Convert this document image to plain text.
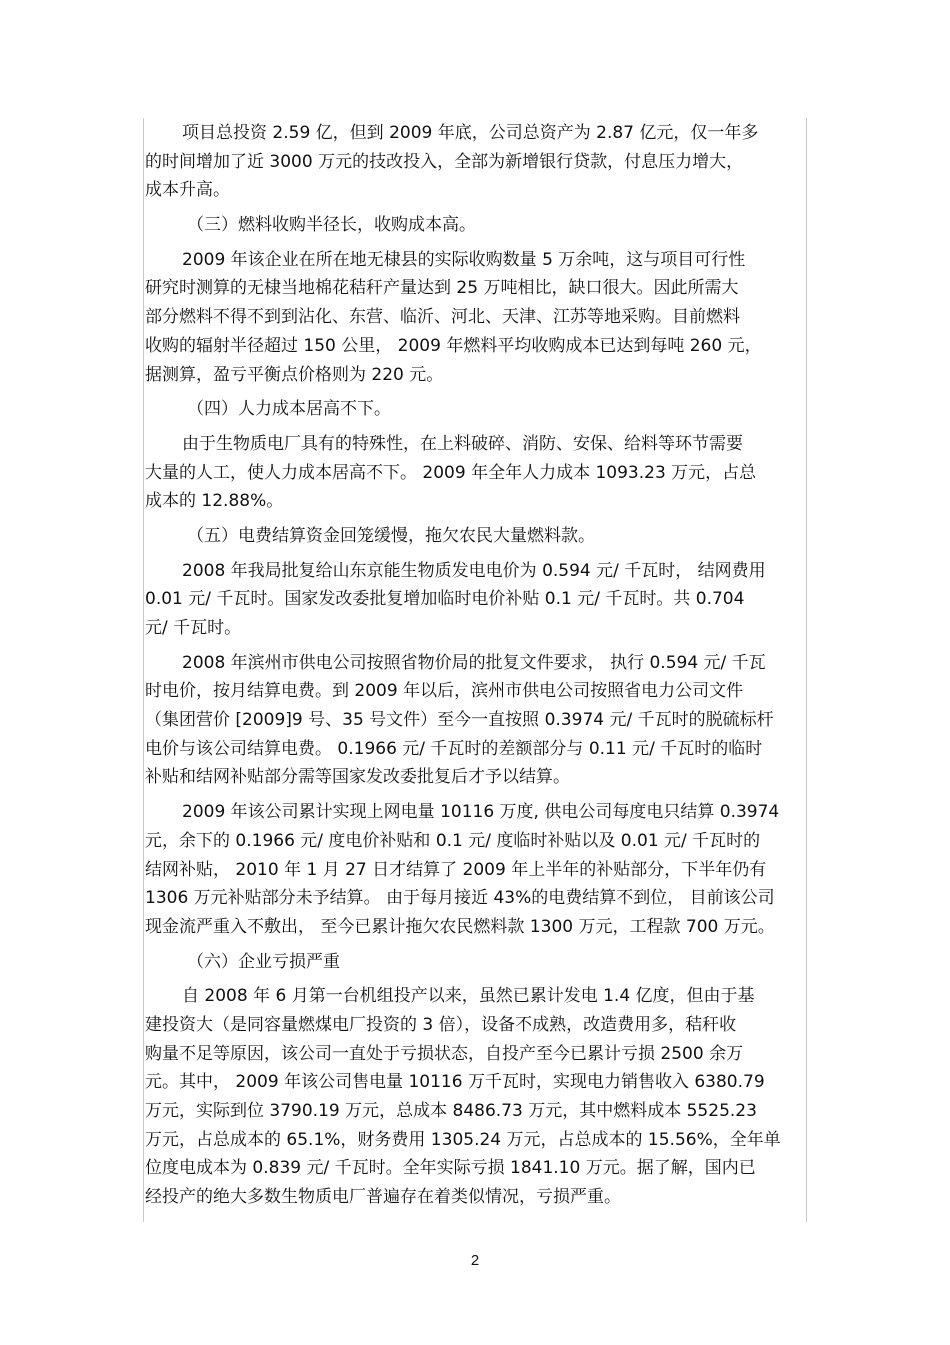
项目总投资 2.59 亿，但到 2009 年底，公司总资产为 2.87 亿元，仅一年多
的时间增加了近 3000 万元的技改投入，全部为新增银行贷款，付息压力增大，
成本升高。
（三）燃料收购半径长，收购成本高。
2009 年该企业在所在地无棣县的实际收购数量 5 万余吨，这与项目可行性
研究时测算的无棣当地棉花秸秆产量达到 25 万吨相比，缺口很大。因此所需大
部分燃料不得不到到沾化、东营、临沂、河北、天津、江苏等地采购。目前燃料
收购的辐射半径超过 150 公里， 2009 年燃料平均收购成本已达到每吨 260 元，
据测算，盈亏平衡点价格则为 220 元。
（四）人力成本居高不下。
由于生物质电厂具有的特殊性，在上料破碎、消防、安保、给料等环节需要
大量的人工，使人力成本居高不下。 2009 年全年人力成本 1093.23 万元，占总
成本的 12.88%。
（五）电费结算资金回笼缓慢，拖欠农民大量燃料款。
2008 年我局批复给山东京能生物质发电电价为 0.594 元/ 千瓦时， 结网费用
0.01 元/ 千瓦时。国家发改委批复增加临时电价补贴 0.1 元/ 千瓦时。共 0.704
元/ 千瓦时。
2008 年滨州市供电公司按照省物价局的批复文件要求， 执行 0.594 元/ 千瓦
时电价，按月结算电费。到 2009 年以后，滨州市供电公司按照省电力公司文件
（集团营价 [2009]9 号、35 号文件）至今一直按照 0.3974 元/ 千瓦时的脱硫标杆
电价与该公司结算电费。 0.1966 元/ 千瓦时的差额部分与 0.11 元/ 千瓦时的临时
补贴和结网补贴部分需等国家发改委批复后才予以结算。
2009 年该公司累计实现上网电量 10116 万度, 供电公司每度电只结算 0.3974
元，余下的 0.1966 元/ 度电价补贴和 0.1 元/ 度临时补贴以及 0.01 元/ 千瓦时的
结网补贴， 2010 年 1 月 27 日才结算了 2009 年上半年的补贴部分，下半年仍有
1306 万元补贴部分未予结算。 由于每月接近 43%的电费结算不到位， 目前该公司
现金流严重入不敷出， 至今已累计拖欠农民燃料款 1300 万元，工程款 700 万元。
（六）企业亏损严重
自 2008 年 6 月第一台机组投产以来，虽然已累计发电 1.4 亿度，但由于基
建投资大（是同容量燃煤电厂投资的 3 倍），设备不成熟，改造费用多，秸秆收
购量不足等原因，该公司一直处于亏损状态，自投产至今已累计亏损 2500 余万
元。其中， 2009 年该公司售电量 10116 万千瓦时，实现电力销售收入 6380.79
万元，实际到位 3790.19 万元，总成本 8486.73 万元，其中燃料成本 5525.23
万元，占总成本的 65.1%，财务费用 1305.24 万元，占总成本的 15.56%，全年单
位度电成本为 0.839 元/ 千瓦时。全年实际亏损 1841.10 万元。据了解，国内已
经投产的绝大多数生物质电厂普遍存在着类似情况，亏损严重。
2
